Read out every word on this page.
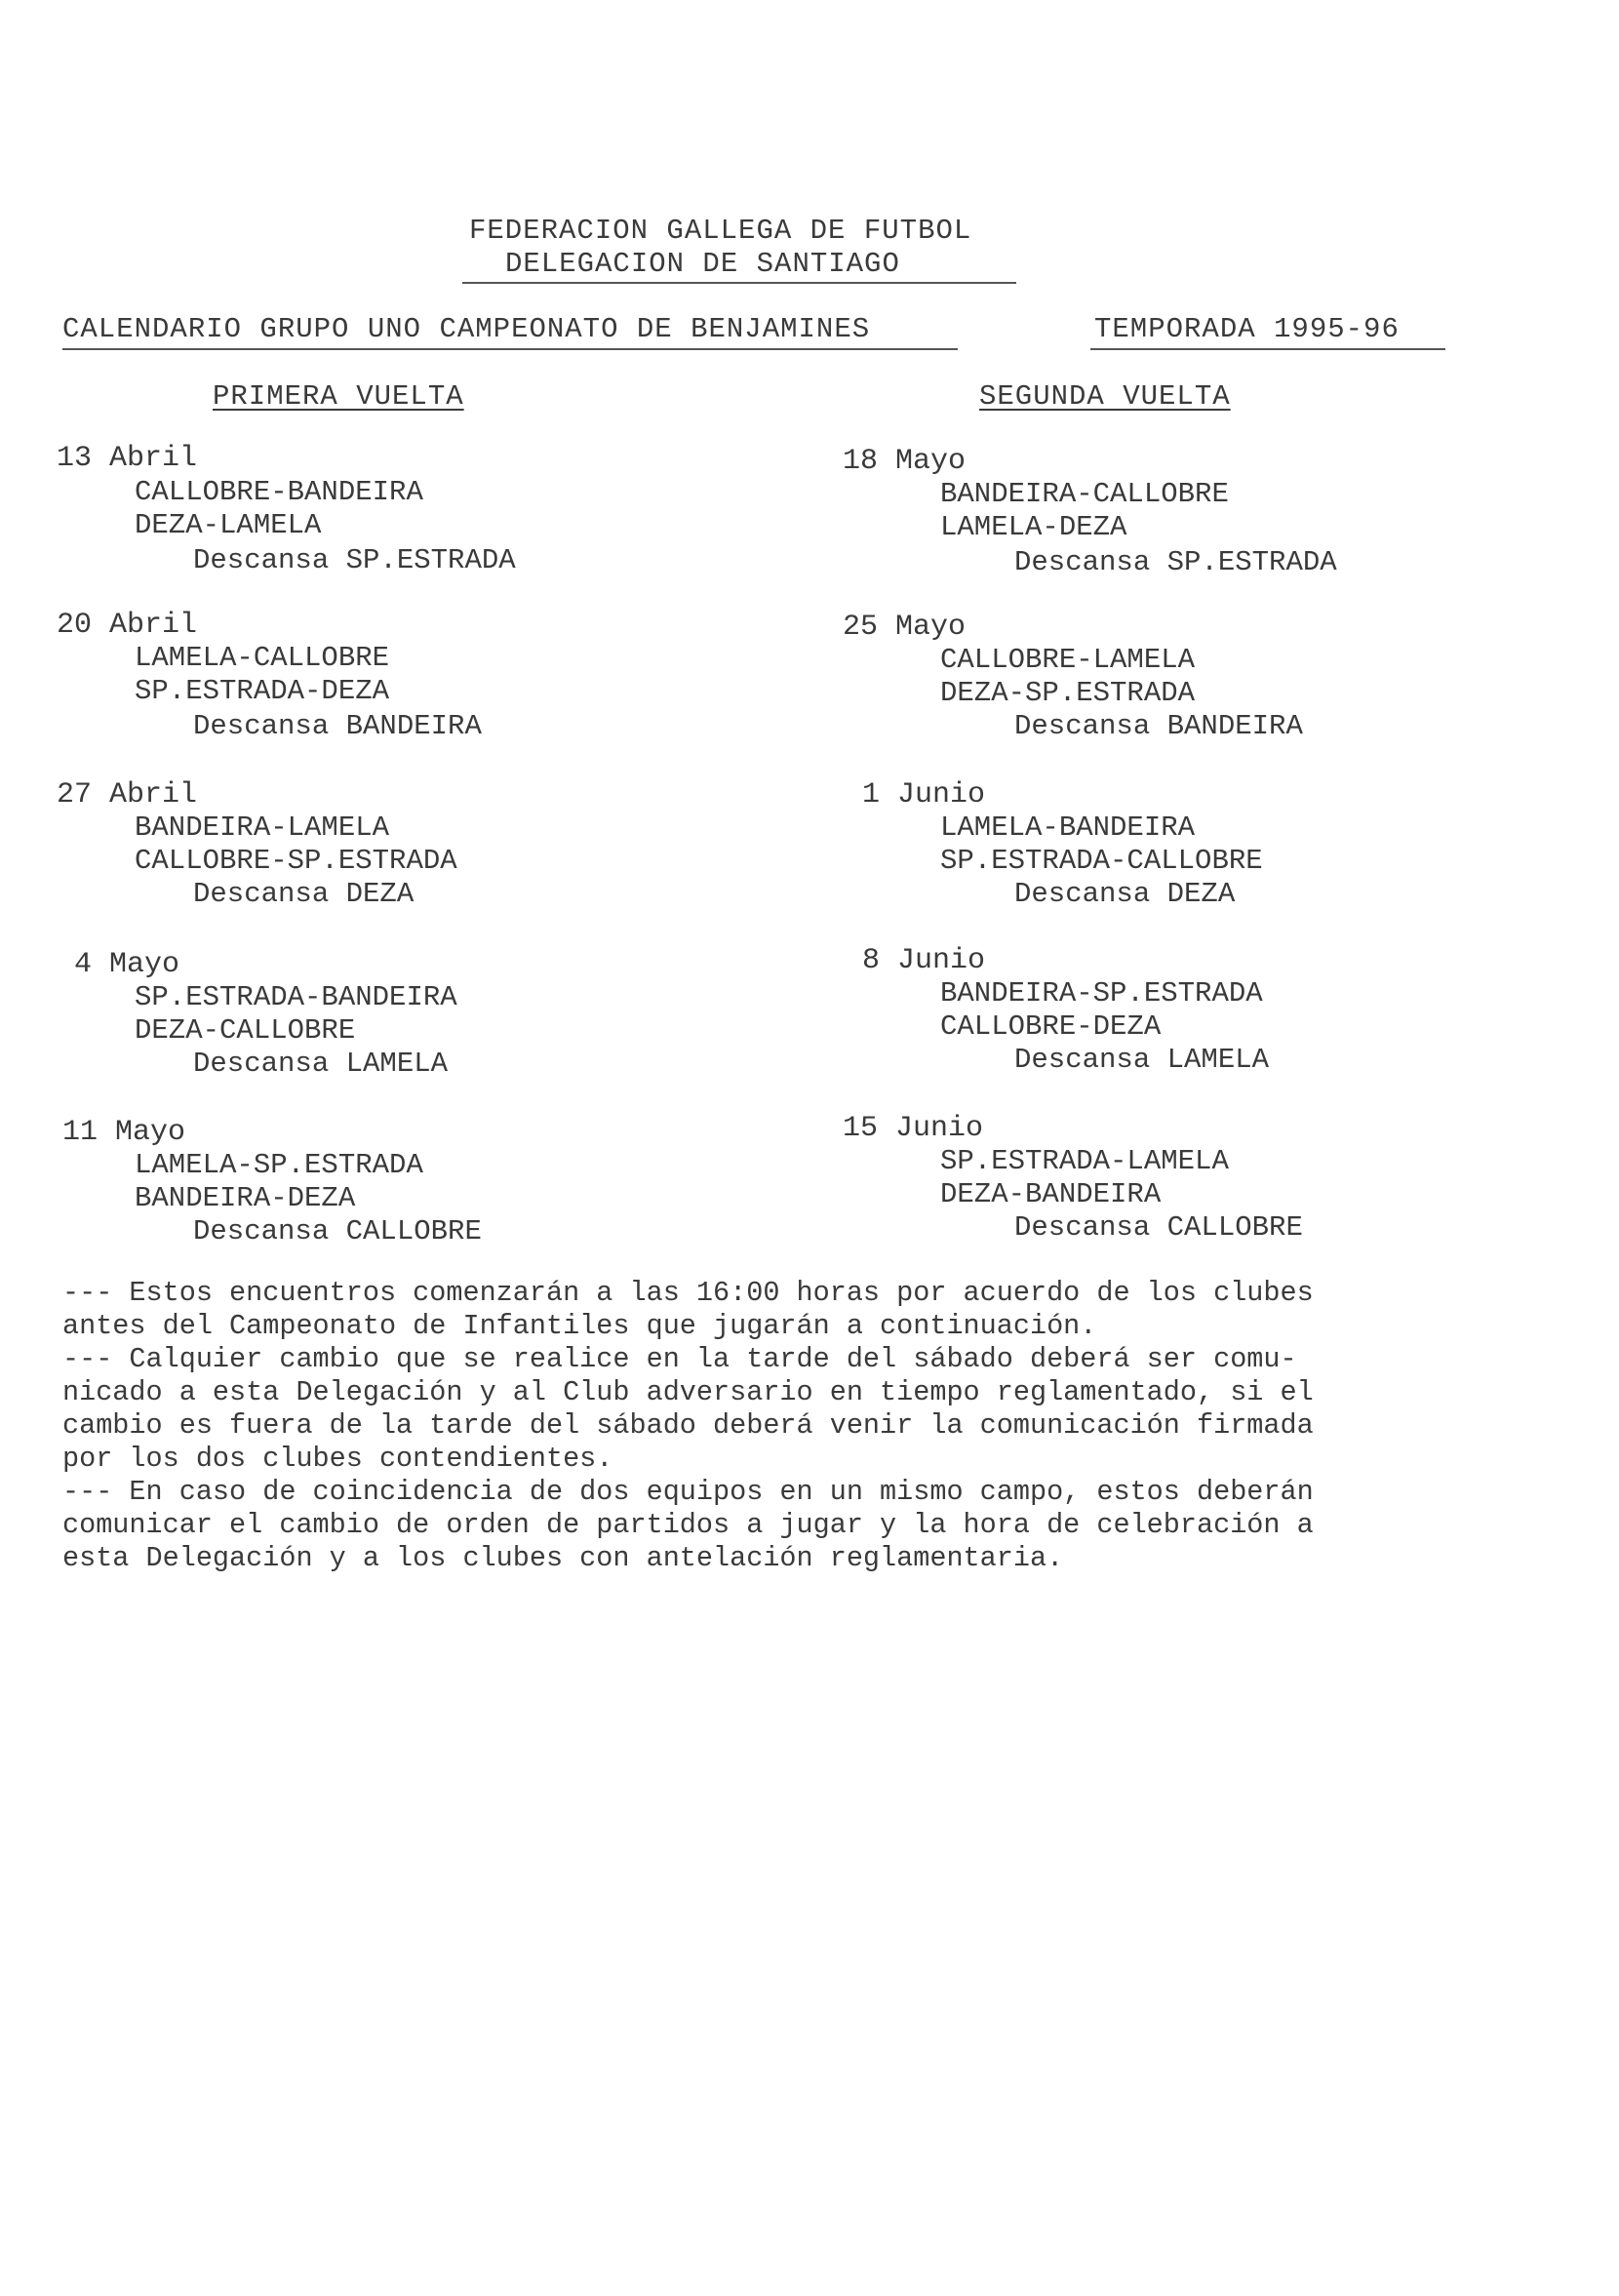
FEDERACION GALLEGA DE FUTBOL
DELEGACION DE SANTIAGO
CALENDARIO GRUPO UNO CAMPEONATO DE BENJAMINES	TEMPORADA 1995-96
PRIMERA VUELTA	SEGUNDA VUELTA
13 Abril
CALLOBRE-BANDEIRA
DEZA-LAMELA
Descansa SP.ESTRADA
20 Abril
LAMELA-CALLOBRE
SP.ESTRADA-DEZA
Descansa BANDEIRA
27 Abril
BANDEIRA-LAMELA
CALLOBRE-SP.ESTRADA
Descansa DEZA
4 Mayo
SP.ESTRADA-BANDEIRA
DEZA-CALLOBRE
Descansa LAMELA
11 Mayo
LAMELA-SP.ESTRADA
BANDEIRA-DEZA
Descansa CALLOBRE
18 Mayo
BANDEIRA-CALLOBRE
LAMELA-DEZA
Descansa SP.ESTRADA
25 Mayo
CALLOBRE-LAMELA
DEZA-SP.ESTRADA
Descansa BANDEIRA
1 Junio
LAMELA-BANDEIRA
SP.ESTRADA-CALLOBRE
Descansa DEZA
8 Junio
BANDEIRA-SP.ESTRADA
CALLOBRE-DEZA
Descansa LAMELA
15 Junio
SP.ESTRADA-LAMELA
DEZA-BANDEIRA
Descansa CALLOBRE
--- Estos encuentros comenzarán a las 16:00 horas por acuerdo de los clubes
antes del Campeonato de Infantiles que jugarán a continuación.
--- Calquier cambio que se realice en la tarde del sábado deberá ser comu-
nicado a esta Delegación y al Club adversario en tiempo reglamentado, si el
cambio es fuera de la tarde del sábado deberá venir la comunicación firmada
por los dos clubes contendientes.
--- En caso de coincidencia de dos equipos en un mismo campo, estos deberán
comunicar el cambio de orden de partidos a jugar y la hora de celebración a
esta Delegación y a los clubes con antelación reglamentaria.
